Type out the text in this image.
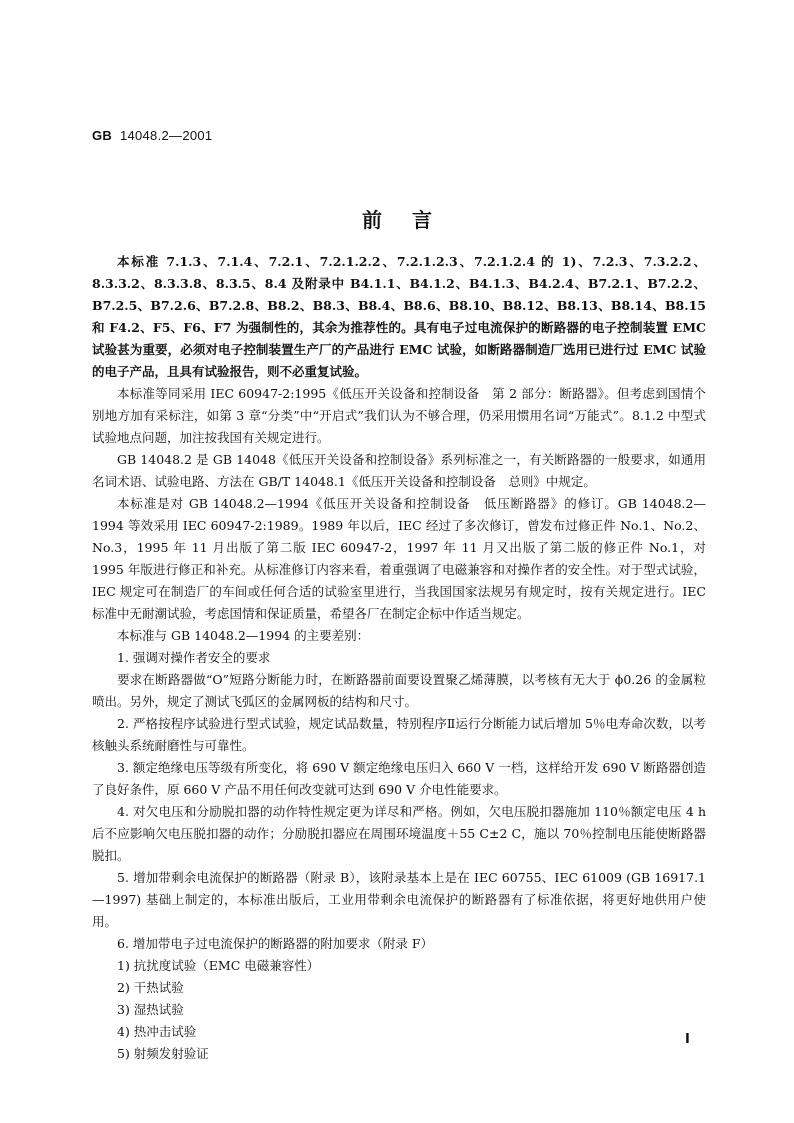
GB 14048.2—2001
前言

本标准 7.1.3、7.1.4、7.2.1、7.2.1.2.2、7.2.1.2.3、7.2.1.2.4 的 1)、7.2.3、7.3.2.2、8.3.3.2、8.3.3.8、8.3.5、8.4 及附录中 B4.1.1、B4.1.2、B4.1.3、B4.2.4、B7.2.1、B7.2.2、B7.2.5、B7.2.6、B7.2.8、B8.2、B8.3、B8.4、B8.6、B8.10、B8.12、B8.13、B8.14、B8.15 和 F4.2、F5、F6、F7 为强制性的，其余为推荐性的。具有电子过电流保护的断路器的电子控制装置 EMC 试验甚为重要，必须对电子控制装置生产厂的产品进行 EMC 试验，如断路器制造厂选用已进行过 EMC 试验的电子产品，且具有试验报告，则不必重复试验。

本标准等同采用 IEC 60947-2:1995《低压开关设备和控制设备　第 2 部分：断路器》。但考虑到国情个别地方加有采标注，如第 3 章“分类”中“开启式”我们认为不够合理，仍采用惯用名词“万能式”。8.1.2 中型式试验地点问题，加注按我国有关规定进行。

GB 14048.2 是 GB 14048《低压开关设备和控制设备》系列标准之一，有关断路器的一般要求，如通用名词术语、试验电路、方法在 GB/T 14048.1《低压开关设备和控制设备　总则》中规定。

本标准是对 GB 14048.2—1994《低压开关设备和控制设备　低压断路器》的修订。GB 14048.2—1994 等效采用 IEC 60947-2:1989。1989 年以后，IEC 经过了多次修订，曾发布过修正件 No.1、No.2、No.3，1995 年 11 月出版了第二版 IEC 60947-2，1997 年 11 月又出版了第二版的修正件 No.1，对 1995 年版进行修正和补充。从标准修订内容来看，着重强调了电磁兼容和对操作者的安全性。对于型式试验，IEC 规定可在制造厂的车间或任何合适的试验室里进行，当我国国家法规另有规定时，按有关规定进行。IEC 标准中无耐潮试验，考虑国情和保证质量，希望各厂在制定企标中作适当规定。

本标准与 GB 14048.2—1994 的主要差别：

1. 强调对操作者安全的要求

要求在断路器做“O”短路分断能力时，在断路器前面要设置聚乙烯薄膜，以考核有无大于 ϕ0.26 的金属粒喷出。另外，规定了测试飞弧区的金属网板的结构和尺寸。

2. 严格按程序试验进行型式试验，规定试品数量，特别程序Ⅱ运行分断能力试后增加 5％电寿命次数，以考核触头系统耐磨性与可靠性。

3. 额定绝缘电压等级有所变化，将 690 V 额定绝缘电压归入 660 V 一档，这样给开发 690 V 断路器创造了良好条件，原 660 V 产品不用任何改变就可达到 690 V 介电性能要求。

4. 对欠电压和分励脱扣器的动作特性规定更为详尽和严格。例如，欠电压脱扣器施加 110％额定电压 4 h 后不应影响欠电压脱扣器的动作；分励脱扣器应在周围环境温度＋55 C±2 C，施以 70％控制电压能使断路器脱扣。

5. 增加带剩余电流保护的断路器（附录 B），该附录基本上是在 IEC 60755、IEC 61009 (GB 16917.1—1997) 基础上制定的，本标准出版后，工业用带剩余电流保护的断路器有了标准依据，将更好地供用户使用。

6. 增加带电子过电流保护的断路器的附加要求（附录 F）

1) 抗扰度试验（EMC 电磁兼容性）

2) 干热试验

3) 湿热试验

4) 热冲击试验

5) 射频发射验证

Ⅰ
